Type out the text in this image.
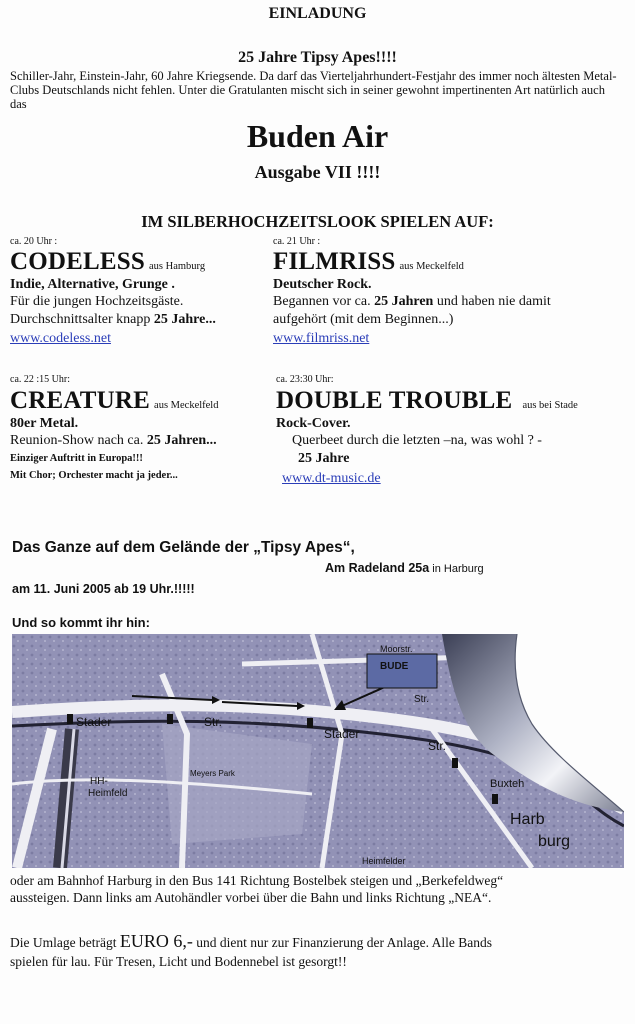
EINLADUNG
25 Jahre Tipsy Apes!!!!
Schiller-Jahr, Einstein-Jahr, 60 Jahre Kriegsende. Da darf das Vierteljahrhundert-Festjahr des immer noch ältesten Metal-Clubs Deutschlands nicht fehlen. Unter die Gratulanten mischt sich in seiner gewohnt impertinenten Art natürlich auch das
Buden Air
Ausgabe VII !!!!
IM SILBERHOCHZEITSLOOK SPIELEN AUF:
ca. 20 Uhr :
CODELESS aus Hamburg
Indie, Alternative, Grunge .
Für die jungen Hochzeitsgäste.
Durchschnittsalter knapp 25 Jahre...
www.codeless.net
ca. 21 Uhr :
FILMRISS aus Meckelfeld
Deutscher Rock.
Begannen vor ca. 25 Jahren und haben nie damit
aufgehört (mit dem Beginnen...)
www.filmriss.net
ca. 22 :15 Uhr:
CREATURE aus Meckelfeld
80er Metal.
Reunion-Show nach ca. 25 Jahren...
Einziger Auftritt in Europa!!!
Mit Chor; Orchester macht ja jeder...
ca. 23:30 Uhr:
DOUBLE TROUBLE aus bei Stade
Rock-Cover.
Querbeet durch die letzten –na, was wohl ? -
25 Jahre
www.dt-music.de
Das Ganze auf dem Gelände der „Tipsy Apes“,
Am Radeland 25a in Harburg
am 11. Juni 2005 ab 19 Uhr.!!!!!
Und so kommt ihr hin:
BUDE
Stader	Str.
Stader
Str.
HH-
Heimfeld
Buxteh
Harb
burg
Moorstr.
Str.
Meyers Park
Heimfelder
oder am Bahnhof Harburg in den Bus 141 Richtung Bostelbek steigen und „Berkefeldweg“
aussteigen. Dann links am Autohändler vorbei über die Bahn und links Richtung „NEA“.
Die Umlage beträgt EURO 6,- und dient nur zur Finanzierung der Anlage. Alle Bands
spielen für lau. Für Tresen, Licht und Bodennebel ist gesorgt!!
